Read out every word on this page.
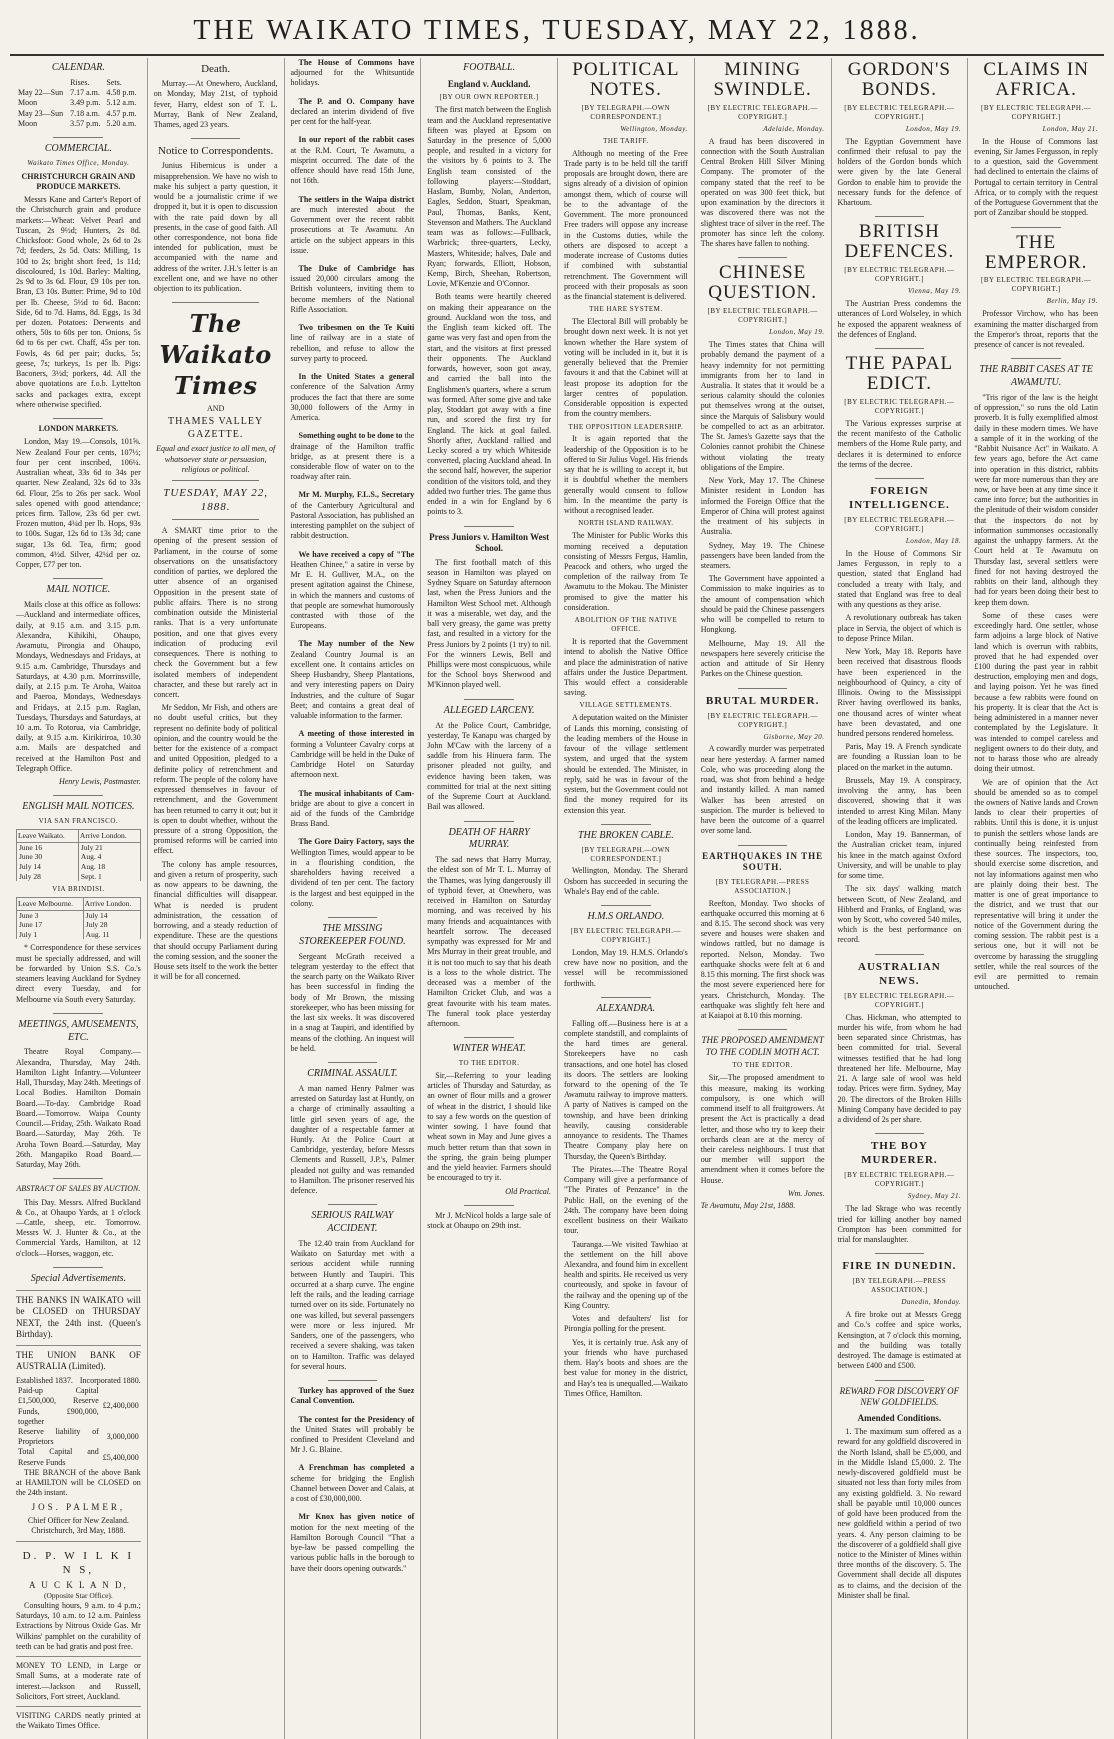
THE WAIKATO TIMES, TUESDAY, MAY 22, 1888.
CALENDAR.
	Rises.	Sets.
May 22—Sun	7.17 a.m.	4.58 p.m.
Moon	3.49 p.m.	5.12 a.m.
May 23—Sun	7.18 a.m.	4.57 p.m.
Moon	3.57 p.m.	5.20 a.m.
COMMERCIAL.
Waikato Times Office, Monday.
CHRISTCHURCH GRAIN AND PRODUCE MARKETS.

Messrs Kane and Carter's Report of the Christchurch grain and produce markets:—Wheat: Velvet Pearl and Tuscan, 2s 9½d; Hunters, 2s 8d. Chicksfoot: Good whole, 2s 6d to 2s 7d; feeders, 2s 5d. Oats: Milling, 1s 10d to 2s; bright short feed, 1s 11d; discoloured, 1s 10d. Barley: Malting, 2s 9d to 3s 6d. Flour, £9 10s per ton. Bran, £3 10s. Butter: Prime, 9d to 10d per lb. Cheese, 5½d to 6d. Bacon: Side, 6d to 7d. Hams, 8d. Eggs, 1s 3d per dozen. Potatoes: Derwents and others, 50s to 60s per ton. Onions, 5s 6d to 6s per cwt. Chaff, 45s per ton. Fowls, 4s 6d per pair; ducks, 5s; geese, 7s; turkeys, 1s per lb. Pigs: Baconers, 3½d; porkers, 4d. All the above quotations are f.o.b. Lyttelton sacks and packages extra, except where otherwise specified.

LONDON MARKETS.

London, May 19.—Consols, 101⅝. New Zealand Four per cents, 107½; four per cent inscribed, 106¼. Australian wheat, 33s 6d to 34s per quarter. New Zealand, 32s 6d to 33s 6d. Flour, 25s to 26s per sack. Wool sales opened with good attendance; prices firm. Tallow, 23s 6d per cwt. Frozen mutton, 4¼d per lb. Hops, 93s to 100s. Sugar, 12s 6d to 13s 3d; cane sugar, 13s 6d. Tea, firm; good common, 4½d. Silver, 42¼d per oz. Copper, £77 per ton.

MAIL NOTICE.

Mails close at this office as follows:—Auckland and intermediate offices, daily, at 9.15 a.m. and 3.15 p.m. Alexandra, Kihikihi, Ohaupo, Awamutu, Pirongia and Ohaupo, Mondays, Wednesdays and Fridays, at 9.15 a.m. Cambridge, Thursdays and Saturdays, at 4.30 p.m. Morrinsville, daily, at 2.15 p.m. Te Aroha, Waitoa and Paeroa, Mondays, Wednesdays and Fridays, at 2.15 p.m. Raglan, Tuesdays, Thursdays and Saturdays, at 10 a.m. To Rotorua, via Cambridge, daily, at 9.15 a.m. Kirikiriroa, 10.30 a.m. Mails are despatched and received at the Hamilton Post and Telegraph Office.

Henry Lewis, Postmaster.
ENGLISH MAIL NOTICES.
VIA SAN FRANCISCO.
Leave Waikato.	Arrive London.
June 16	July 21
June 30	Aug. 4
July 14	Aug. 18
July 28	Sept. 1
VIA BRINDISI.
Leave Melbourne.	Arrive London.
June 3	July 14
June 17	July 28
July 1	Aug. 11

* Correspondence for these services must be specially addressed, and will be forwarded by Union S.S. Co.'s steamers leaving Auckland for Sydney direct every Tuesday, and for Melbourne via South every Saturday.

MEETINGS, AMUSEMENTS, ETC.

Theatre Royal Company.—Alexandra, Thursday, May 24th. Hamilton Light Infantry.—Volunteer Hall, Thursday, May 24th. Meetings of Local Bodies. Hamilton Domain Board.—To-day. Cambridge Road Board.—Tomorrow. Waipa County Council.—Friday, 25th. Waikato Road Board.—Saturday, May 26th. Te Aroha Town Board.—Saturday, May 26th. Mangapiko Road Board.—Saturday, May 26th.

ABSTRACT OF SALES BY AUCTION.

This Day. Messrs. Alfred Buckland & Co., at Ohaupo Yards, at 1 o'clock—Cattle, sheep, etc. Tomorrow. Messrs W. J. Hunter & Co., at the Commercial Yards, Hamilton, at 12 o'clock—Horses, waggon, etc.

Special Advertisements.

THE BANKS IN WAIKATO will be CLOSED on THURSDAY NEXT, the 24th inst. (Queen's Birthday).

THE UNION BANK OF AUSTRALIA (Limited).

Established 1837. Incorporated 1880.
Paid-up Capital £1,500,000, Reserve Funds, £900,000, together	£2,400,000
Reserve liability of Proprietors	3,000,000
Total Capital and Reserve Funds	£5,400,000

THE BRANCH of the above Bank at HAMILTON will be CLOSED on the 24th instant.

JOS. PALMER,

Chief Officer for New Zealand. Christchurch, 3rd May, 1888.

D. P. W I L K I N S,
A U C K L A N D,
(Opposite Star Office).

Consulting hours, 9 a.m. to 4 p.m.; Saturdays, 10 a.m. to 12 a.m. Painless Extractions by Nitrous Oxide Gas. Mr Wilkins' pamphlet on the curability of teeth can be had gratis and post free.

MONEY TO LEND, in Large or Small Sums, at a moderate rate of interest.—Jackson and Russell, Solicitors, Fort street, Auckland.

VISITING CARDS neatly printed at the Waikato Times Office.

Death.

Murray.—At Onewhero, Auckland, on Monday, May 21st, of typhoid fever, Harry, eldest son of T. L. Murray, Bank of New Zealand, Thames, aged 23 years.

Notice to Correspondents.

Junius Hibernicus is under a misapprehension. We have no wish to make his subject a party question, it would be a journalistic crime if we dropped it, but it is open to discussion with the rate paid down by all presents, in the case of good faith. All other correspondence, not bona fide intended for publication, must be accompanied with the name and address of the writer. J.H.'s letter is an excellent one, and we have no other objection to its publication.

The Waikato Times
AND
THAMES VALLEY GAZETTE.
Equal and exact justice to all men, of whatsoever state or persuasion, religious or political.
TUESDAY, MAY 22, 1888.

A SMART time prior to the opening of the present session of Parliament, in the course of some observations on the unsatisfactory condition of parties, we deplored the utter absence of an organised Opposition in the present state of public affairs. There is no strong combination outside the Ministerial ranks. That is a very unfortunate position, and one that gives every indication of producing evil consequences. There is nothing to check the Government but a few isolated members of independent character, and these but rarely act in concert.

Mr Seddon, Mr Fish, and others are no doubt useful critics, but they represent no definite body of political opinion, and the country would be the better for the existence of a compact and united Opposition, pledged to a definite policy of retrenchment and reform. The people of the colony have expressed themselves in favour of retrenchment, and the Government has been returned to carry it out; but it is open to doubt whether, without the pressure of a strong Opposition, the promised reforms will be carried into effect.

The colony has ample resources, and given a return of prosperity, such as now appears to be dawning, the financial difficulties will disappear. What is needed is prudent administration, the cessation of borrowing, and a steady reduction of expenditure. These are the questions that should occupy Parliament during the coming session, and the sooner the House sets itself to the work the better it will be for all concerned.

The House of Commons have adjourned for the Whitsuntide holidays.

The P. and O. Company have declared an interim dividend of five per cent for the half-year.

In our report of the rabbit cases at the R.M. Court, Te Awamutu, a misprint occurred. The date of the offence should have read 15th June, not 16th.

The settlers in the Waipa district are much interested about the Government over the recent rabbit prosecutions at Te Awamutu. An article on the subject appears in this issue.

The Duke of Cambridge has issued 20,000 circulars among the British volunteers, inviting them to become members of the National Rifle Association.

Two tribesmen on the Te Kuiti line of railway are in a state of rebellion, and refuse to allow the survey party to proceed.

In the United States a general conference of the Salvation Army produces the fact that there are some 30,000 followers of the Army in America.

Something ought to be done to the drainage of the Hamilton traffic bridge, as at present there is a considerable flow of water on to the roadway after rain.

Mr M. Murphy, F.L.S., Secretary of the Canterbury Agricultural and Pastoral Association, has published an interesting pamphlet on the subject of rabbit destruction.

We have received a copy of "The Heathen Chinee," a satire in verse by Mr E. H. Gulliver, M.A., on the present agitation against the Chinese, in which the manners and customs of that people are somewhat humorously contrasted with those of the Europeans.

The May number of the New Zealand Country Journal is an excellent one. It contains articles on Sheep Husbandry, Sheep Plantations, and very interesting papers on Dairy Industries, and the culture of Sugar Beet; and contains a great deal of valuable information to the farmer.

A meeting of those interested in forming a Volunteer Cavalry corps at Cambridge will be held in the Duke of Cambridge Hotel on Saturday afternoon next.

The musical inhabitants of Cam- bridge are about to give a concert in aid of the funds of the Cambridge Brass Band.

The Gore Dairy Factory, says the Wellington Times, would appear to be in a flourishing condition, the shareholders having received a dividend of ten per cent. The factory is the largest and best equipped in the colony.

THE MISSING STOREKEEPER FOUND.

Sergeant McGrath received a telegram yesterday to the effect that the search party on the Waikato River has been successful in finding the body of Mr Brown, the missing storekeeper, who has been missing for the last six weeks. It was discovered in a snag at Taupiri, and identified by means of the clothing. An inquest will be held.

CRIMINAL ASSAULT.

A man named Henry Palmer was arrested on Saturday last at Huntly, on a charge of criminally assaulting a little girl seven years of age, the daughter of a respectable farmer at Huntly. At the Police Court at Cambridge, yesterday, before Messrs Clements and Russell, J.P.'s, Palmer pleaded not guilty and was remanded to Hamilton. The prisoner reserved his defence.

SERIOUS RAILWAY ACCIDENT.

The 12.40 train from Auckland for Waikato on Saturday met with a serious accident while running between Huntly and Taupiri. This occurred at a sharp curve. The engine left the rails, and the leading carriage turned over on its side. Fortunately no one was killed, but several passengers were more or less injured. Mr Sanders, one of the passengers, who received a severe shaking, was taken on to Hamilton. Traffic was delayed for several hours.

Turkey has approved of the Suez Canal Convention.

The contest for the Presidency of the United States will probably be confined to President Cleveland and Mr J. G. Blaine.

A Frenchman has completed a scheme for bridging the English Channel between Dover and Calais, at a cost of £30,000,000.

Mr Knox has given notice of motion for the next meeting of the Hamilton Borough Council "That a bye-law be passed compelling the various public halls in the borough to have their doors opening outwards."

FOOTBALL.
England v. Auckland.
[BY OUR OWN REPORTER.]

The first match between the English team and the Auckland representative fifteen was played at Epsom on Saturday in the presence of 5,000 people, and resulted in a victory for the visitors by 6 points to 3. The English team consisted of the following players:—Stoddart, Haslam, Bumby, Nolan, Anderton, Eagles, Seddon, Stuart, Speakman, Paul, Thomas, Banks, Kent, Stevenson and Mathers. The Auckland team was as follows:—Fullback, Warbrick; three-quarters, Lecky, Masters, Whiteside; halves, Dale and Ryan; forwards, Elliott, Hobson, Kemp, Birch, Sheehan, Robertson, Lovie, M'Kenzie and O'Connor.

Both teams were heartily cheered on making their appearance on the ground. Auckland won the toss, and the English team kicked off. The game was very fast and open from the start, and the visitors at first pressed their opponents. The Auckland forwards, however, soon got away, and carried the ball into the Englishmen's quarters, where a scrum was formed. After some give and take play, Stoddart got away with a fine run, and scored the first try for England. The kick at goal failed. Shortly after, Auckland rallied and Lecky scored a try which Whiteside converted, placing Auckland ahead. In the second half, however, the superior condition of the visitors told, and they added two further tries. The game thus ended in a win for England by 6 points to 3.

Press Juniors v. Hamilton West School.

The first football match of this season in Hamilton was played on Sydney Square on Saturday afternoon last, when the Press Juniors and the Hamilton West School met. Although it was a miserable, wet day, and the ball very greasy, the game was pretty fast, and resulted in a victory for the Press Juniors by 2 points (1 try) to nil. For the winners Lewis, Bell and Phillips were most conspicuous, while for the School boys Sherwood and M'Kinnon played well.

ALLEGED LARCENY.

At the Police Court, Cambridge, yesterday, Te Kanapu was charged by John M'Caw with the larceny of a saddle from his Hinuera farm. The prisoner pleaded not guilty, and evidence having been taken, was committed for trial at the next sitting of the Supreme Court at Auckland. Bail was allowed.

DEATH OF HARRY MURRAY.

The sad news that Harry Murray, the eldest son of Mr T. L. Murray of the Thames, was lying dangerously ill of typhoid fever, at Onewhero, was received in Hamilton on Saturday morning, and was received by his many friends and acquaintances with heartfelt sorrow. The deceased sympathy was expressed for Mr and Mrs Murray in their great trouble, and it is not too much to say that his death is a loss to the whole district. The deceased was a member of the Hamilton Cricket Club, and was a great favourite with his team mates. The funeral took place yesterday afternoon.

WINTER WHEAT.
TO THE EDITOR.

Sir,—Referring to your leading articles of Thursday and Saturday, as an owner of flour mills and a grower of wheat in the district, I should like to say a few words on the question of winter sowing. I have found that wheat sown in May and June gives a much better return than that sown in the spring, the grain being plumper and the yield heavier. Farmers should be encouraged to try it.

Old Practical.

Mr J. McNicol holds a large sale of stock at Ohaupo on 29th inst.

POLITICAL NOTES.
[BY TELEGRAPH.—OWN CORRESPONDENT.]
Wellington, Monday.
THE TARIFF.

Although no meeting of the Free Trade party is to be held till the tariff proposals are brought down, there are signs already of a division of opinion amongst them, which of course will be to the advantage of the Government. The more pronounced Free traders will oppose any increase in the Customs duties, while the others are disposed to accept a moderate increase of Customs duties if combined with substantial retrenchment. The Government will proceed with their proposals as soon as the financial statement is delivered.

THE HARE SYSTEM.

The Electoral Bill will probably be brought down next week. It is not yet known whether the Hare system of voting will be included in it, but it is generally believed that the Premier favours it and that the Cabinet will at least propose its adoption for the larger centres of population. Considerable opposition is expected from the country members.

THE OPPOSITION LEADERSHIP.

It is again reported that the leadership of the Opposition is to be offered to Sir Julius Vogel. His friends say that he is willing to accept it, but it is doubtful whether the members generally would consent to follow him. In the meantime the party is without a recognised leader.

NORTH ISLAND RAILWAY.

The Minister for Public Works this morning received a deputation consisting of Messrs Fergus, Hamlin, Peacock and others, who urged the completion of the railway from Te Awamutu to the Mokau. The Minister promised to give the matter his consideration.

ABOLITION OF THE NATIVE OFFICE.

It is reported that the Government intend to abolish the Native Office and place the administration of native affairs under the Justice Department. This would effect a considerable saving.

VILLAGE SETTLEMENTS.

A deputation waited on the Minister of Lands this morning, consisting of the leading members of the House in favour of the village settlement system, and urged that the system should be extended. The Minister, in reply, said he was in favour of the system, but the Government could not find the money required for its extension this year.

THE BROKEN CABLE.
[BY TELEGRAPH.—OWN CORRESPONDENT.]

Wellington, Monday. The Sherard Osborn has succeeded in securing the Whale's Bay end of the cable.

H.M.S ORLANDO.
[BY ELECTRIC TELEGRAPH.—COPYRIGHT.]

London, May 19. H.M.S. Orlando's crew have now no position, and the vessel will be recommissioned forthwith.

ALEXANDRA.

Falling off.—Business here is at a complete standstill, and complaints of the hard times are general. Storekeepers have no cash transactions, and one hotel has closed its doors. The settlers are looking forward to the opening of the Te Awamutu railway to improve matters. A party of Natives is camped on the township, and have been drinking heavily, causing considerable annoyance to residents. The Thames Theatre Company play here on Thursday, the Queen's Birthday.

The Pirates.—The Theatre Royal Company will give a performance of "The Pirates of Penzance" in the Public Hall, on the evening of the 24th. The company have been doing excellent business on their Waikato tour.

Tauranga.—We visited Tawhiao at the settlement on the hill above Alexandra, and found him in excellent health and spirits. He received us very courteously, and spoke in favour of the railway and the opening up of the King Country.

Votes and defaulters' list for Pirongia polling for the present.

Yes, it is certainly true. Ask any of your friends who have purchased them. Hay's boots and shoes are the best value for money in the district, and Hay's tea is unequalled.—Waikato Times Office, Hamilton.

MINING SWINDLE.
[BY ELECTRIC TELEGRAPH.—COPYRIGHT.]
Adelaide, Monday.

A fraud has been discovered in connection with the South Australian Central Broken Hill Silver Mining Company. The promoter of the company stated that the reef to be operated on was 300 feet thick, but upon examination by the directors it was discovered there was not the slightest trace of silver in the reef. The promoter has since left the colony. The shares have fallen to nothing.

CHINESE QUESTION.
[BY ELECTRIC TELEGRAPH.—COPYRIGHT.]
London, May 19.

The Times states that China will probably demand the payment of a heavy indemnity for not permitting immigrants from her to land in Australia. It states that it would be a serious calamity should the colonies put themselves wrong at the outset, since the Marquis of Salisbury would be compelled to act as an arbitrator. The St. James's Gazette says that the Colonies cannot prohibit the Chinese without violating the treaty obligations of the Empire.

New York, May 17. The Chinese Minister resident in London has informed the Foreign Office that the Emperor of China will protest against the treatment of his subjects in Australia.

Sydney, May 19. The Chinese passengers have been landed from the steamers.

The Government have appointed a Commission to make inquiries as to the amount of compensation which should be paid the Chinese passengers who will be compelled to return to Hongkong.

Melbourne, May 19. All the newspapers here severely criticise the action and attitude of Sir Henry Parkes on the Chinese question.

BRUTAL MURDER.
[BY ELECTRIC TELEGRAPH.—COPYRIGHT.]
Gisborne, May 20.

A cowardly murder was perpetrated near here yesterday. A farmer named Cole, who was proceeding along the road, was shot from behind a hedge and instantly killed. A man named Walker has been arrested on suspicion. The murder is believed to have been the outcome of a quarrel over some land.

EARTHQUAKES IN THE SOUTH.
[BY TELEGRAPH.—PRESS ASSOCIATION.]

Reefton, Monday. Two shocks of earthquake occurred this morning at 6 and 8.15. The second shock was very severe and houses were shaken and windows rattled, but no damage is reported. Nelson, Monday. Two earthquake shocks were felt at 6 and 8.15 this morning. The first shock was the most severe experienced here for years. Christchurch, Monday. The earthquake was slightly felt here and at Kaiapoi at 8.10 this morning.

THE PROPOSED AMENDMENT TO THE CODLIN MOTH ACT.
TO THE EDITOR.

Sir,—The proposed amendment to this measure, making its working compulsory, is one which will commend itself to all fruitgrowers. At present the Act is practically a dead letter, and those who try to keep their orchards clean are at the mercy of their careless neighbours. I trust that our member will support the amendment when it comes before the House.

Wm. Jones.

Te Awamutu, May 21st, 1888.

GORDON'S BONDS.
[BY ELECTRIC TELEGRAPH.—COPYRIGHT.]
London, May 19.

The Egyptian Government have confirmed their refusal to pay the holders of the Gordon bonds which were given by the late General Gordon to enable him to provide the necessary funds for the defence of Khartoum.

BRITISH DEFENCES.
[BY ELECTRIC TELEGRAPH.—COPYRIGHT.]
Vienna, May 19.

The Austrian Press condemns the utterances of Lord Wolseley, in which he exposed the apparent weakness of the defences of England.

THE PAPAL EDICT.
[BY ELECTRIC TELEGRAPH.—COPYRIGHT.]

The Various expresses surprise at the recent manifesto of the Catholic members of the Home Rule party, and declares it is determined to enforce the terms of the decree.

FOREIGN INTELLIGENCE.
[BY ELECTRIC TELEGRAPH.—COPYRIGHT.]
London, May 18.

In the House of Commons Sir James Fergusson, in reply to a question, stated that England had concluded a treaty with Italy, and stated that England was free to deal with any questions as they arise.

A revolutionary outbreak has taken place in Servia, the object of which is to depose Prince Milan.

New York, May 18. Reports have been received that disastrous floods have been experienced in the neighbourhood of Quincy, a city of Illinois. Owing to the Mississippi River having overflowed its banks, one thousand acres of winter wheat have been devastated, and one hundred persons rendered homeless.

Paris, May 19. A French syndicate are founding a Russian loan to be placed on the market in the autumn.

Brussels, May 19. A conspiracy, involving the army, has been discovered, showing that it was intended to arrest King Milan. Many of the leading officers are implicated.

London, May 19. Bannerman, of the Australian cricket team, injured his knee in the match against Oxford University, and will be unable to play for some time.

The six days' walking match between Scott, of New Zealand, and Hibberd and Franks, of England, was won by Scott, who covered 540 miles, which is the best performance on record.

AUSTRALIAN NEWS.
[BY ELECTRIC TELEGRAPH.—COPYRIGHT.]

Chas. Hickman, who attempted to murder his wife, from whom he had been separated since Christmas, has been committed for trial. Several witnesses testified that he had long threatened her life. Melbourne, May 21. A large sale of wool was held today. Prices were firm. Sydney, May 20. The directors of the Broken Hills Mining Company have decided to pay a dividend of 2s per share.

THE BOY MURDERER.
[BY ELECTRIC TELEGRAPH.—COPYRIGHT.]
Sydney, May 21.

The lad Skrage who was recently tried for killing another boy named Crompton has been committed for trial for manslaughter.

FIRE IN DUNEDIN.
[BY TELEGRAPH.—PRESS ASSOCIATION.]
Dunedin, Monday.

A fire broke out at Messrs Gregg and Co.'s coffee and spice works, Kensington, at 7 o'clock this morning, and the building was totally destroyed. The damage is estimated at between £400 and £500.

REWARD FOR DISCOVERY OF NEW GOLDFIELDS.
Amended Conditions.

1. The maximum sum offered as a reward for any goldfield discovered in the North Island, shall be £5,000, and in the Middle Island £5,000. 2. The newly-discovered goldfield must be situated not less than forty miles from any existing goldfield. 3. No reward shall be payable until 10,000 ounces of gold have been produced from the new goldfield within a period of two years. 4. Any person claiming to be the discoverer of a goldfield shall give notice to the Minister of Mines within three months of the discovery. 5. The Government shall decide all disputes as to claims, and the decision of the Minister shall be final.

CLAIMS IN AFRICA.
[BY ELECTRIC TELEGRAPH.—COPYRIGHT.]
London, May 21.

In the House of Commons last evening, Sir James Fergusson, in reply to a question, said the Government had declined to entertain the claims of Portugal to certain territory in Central Africa, or to comply with the request of the Portuguese Government that the port of Zanzibar should be stopped.

THE EMPEROR.
[BY ELECTRIC TELEGRAPH.—COPYRIGHT.]
Berlin, May 19.

Professor Virchow, who has been examining the matter discharged from the Emperor's throat, reports that the presence of cancer is not revealed.

THE RABBIT CASES AT TE AWAMUTU.

"Tris rigor of the law is the height of oppression," so runs the old Latin proverb. It is fully exemplified almost daily in these modern times. We have a sample of it in the working of the "Rabbit Nuisance Act" in Waikato. A few years ago, before the Act came into operation in this district, rabbits were far more numerous than they are now, or have been at any time since it came into force; but the authorities in the plenitude of their wisdom consider that the inspectors do not by information summonses occasionally against the unhappy farmers. At the Court held at Te Awamutu on Thursday last, several settlers were fined for not having destroyed the rabbits on their land, although they had for years been doing their best to keep them down.

Some of these cases were exceedingly hard. One settler, whose farm adjoins a large block of Native land which is overrun with rabbits, proved that he had expended over £100 during the past year in rabbit destruction, employing men and dogs, and laying poison. Yet he was fined because a few rabbits were found on his property. It is clear that the Act is being administered in a manner never contemplated by the Legislature. It was intended to compel careless and negligent owners to do their duty, and not to harass those who are already doing their utmost.

We are of opinion that the Act should be amended so as to compel the owners of Native lands and Crown lands to clear their properties of rabbits. Until this is done, it is unjust to punish the settlers whose lands are continually being reinfested from these sources. The inspectors, too, should exercise some discretion, and not lay informations against men who are plainly doing their best. The matter is one of great importance to the district, and we trust that our representative will bring it under the notice of the Government during the coming session. The rabbit pest is a serious one, but it will not be overcome by harassing the struggling settler, while the real sources of the evil are permitted to remain untouched.
